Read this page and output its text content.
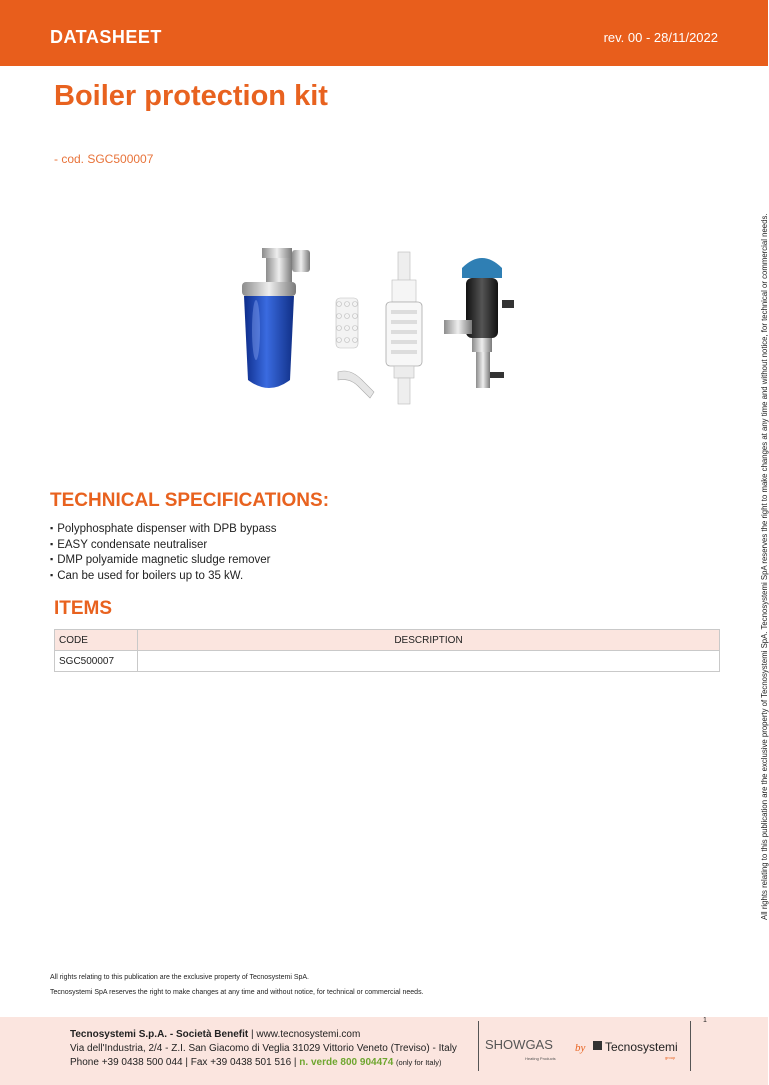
DATASHEET	rev. 00 - 28/11/2022
Boiler protection kit
- cod. SGC500007
All rights relating to this publication are the exclusive property of Tecnosystemi SpA. Tecnosystemi SpA reserves the right to make changes at any time and without notice, for technical or commercial needs.
TECHNICAL SPECIFICATIONS:
▪ Polyphosphate dispenser with DPB bypass
▪ EASY condensate neutraliser
▪ DMP polyamide magnetic sludge remover
▪ Can be used for boilers up to 35 kW.
ITEMS
CODE	DESCRIPTION
SGC500007	
All rights relating to this publication are the exclusive property of Tecnosystemi SpA.
Tecnosystemi SpA reserves the right to make changes at any time and without notice, for technical or commercial needs.
Tecnosystemi S.p.A. - Società Benefit | www.tecnosystemi.com
Via dell'Industria, 2/4 - Z.I. San Giacomo di Veglia 31029 Vittorio Veneto (Treviso) - Italy
Phone +39 0438 500 044 | Fax +39 0438 501 516 | n. verde 800 904474 (only for Italy)
SHOWGAS
Heating Products
by Tecnosystemi
group
1
